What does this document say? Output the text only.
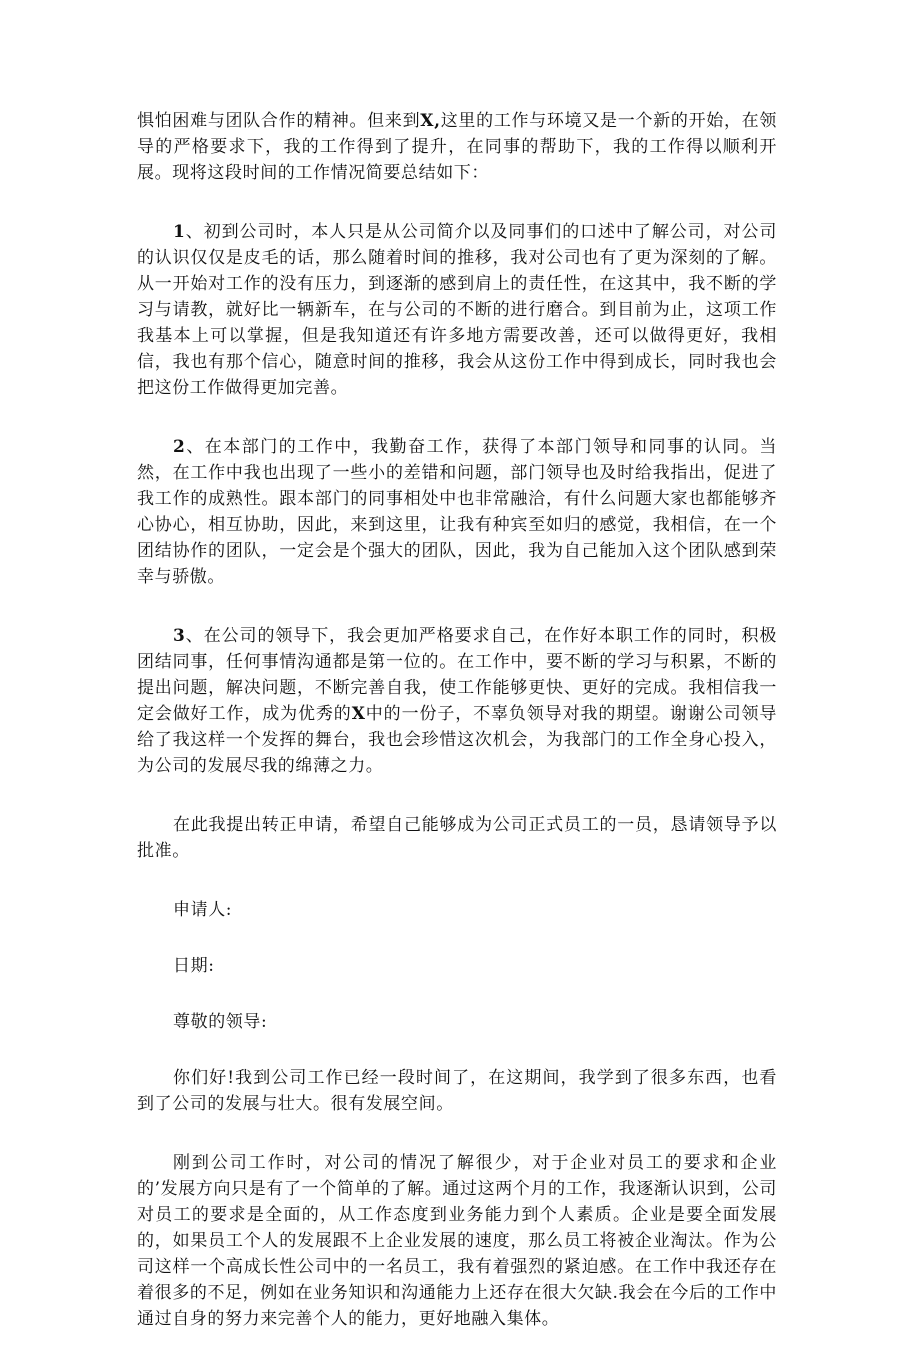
惧怕困难与团队合作的精神。但来到X,这里的工作与环境又是一个新的开始，在领导的严格要求下，我的工作得到了提升，在同事的帮助下，我的工作得以顺利开展。现将这段时间的工作情况简要总结如下：

1、初到公司时，本人只是从公司简介以及同事们的口述中了解公司，对公司的认识仅仅是皮毛的话，那么随着时间的推移，我对公司也有了更为深刻的了解。从一开始对工作的没有压力，到逐渐的感到肩上的责任性，在这其中，我不断的学习与请教，就好比一辆新车，在与公司的不断的进行磨合。到目前为止，这项工作我基本上可以掌握，但是我知道还有许多地方需要改善，还可以做得更好，我相信，我也有那个信心，随意时间的推移，我会从这份工作中得到成长，同时我也会把这份工作做得更加完善。

2、在本部门的工作中，我勤奋工作，获得了本部门领导和同事的认同。当然，在工作中我也出现了一些小的差错和问题，部门领导也及时给我指出，促进了我工作的成熟性。跟本部门的同事相处中也非常融洽，有什么问题大家也都能够齐心协心，相互协助，因此，来到这里，让我有种宾至如归的感觉，我相信，在一个团结协作的团队，一定会是个强大的团队，因此，我为自己能加入这个团队感到荣幸与骄傲。

3、在公司的领导下，我会更加严格要求自己，在作好本职工作的同时，积极团结同事，任何事情沟通都是第一位的。在工作中，要不断的学习与积累，不断的提出问题，解决问题，不断完善自我，使工作能够更快、更好的完成。我相信我一定会做好工作，成为优秀的X中的一份子，不辜负领导对我的期望。谢谢公司领导给了我这样一个发挥的舞台，我也会珍惜这次机会，为我部门的工作全身心投入，为公司的发展尽我的绵薄之力。

在此我提出转正申请，希望自己能够成为公司正式员工的一员，恳请领导予以批准。

申请人:

日期:

尊敬的领导:

你们好!我到公司工作已经一段时间了，在这期间，我学到了很多东西，也看到了公司的发展与壮大。很有发展空间。

刚到公司工作时，对公司的情况了解很少，对于企业对员工的要求和企业的’发展方向只是有了一个简单的了解。通过这两个月的工作，我逐渐认识到，公司对员工的要求是全面的，从工作态度到业务能力到个人素质。企业是要全面发展的，如果员工个人的发展跟不上企业发展的速度，那么员工将被企业淘汰。作为公司这样一个高成长性公司中的一名员工，我有着强烈的紧迫感。在工作中我还存在着很多的不足，例如在业务知识和沟通能力上还存在很大欠缺.我会在今后的工作中通过自身的努力来完善个人的能力，更好地融入集体。
